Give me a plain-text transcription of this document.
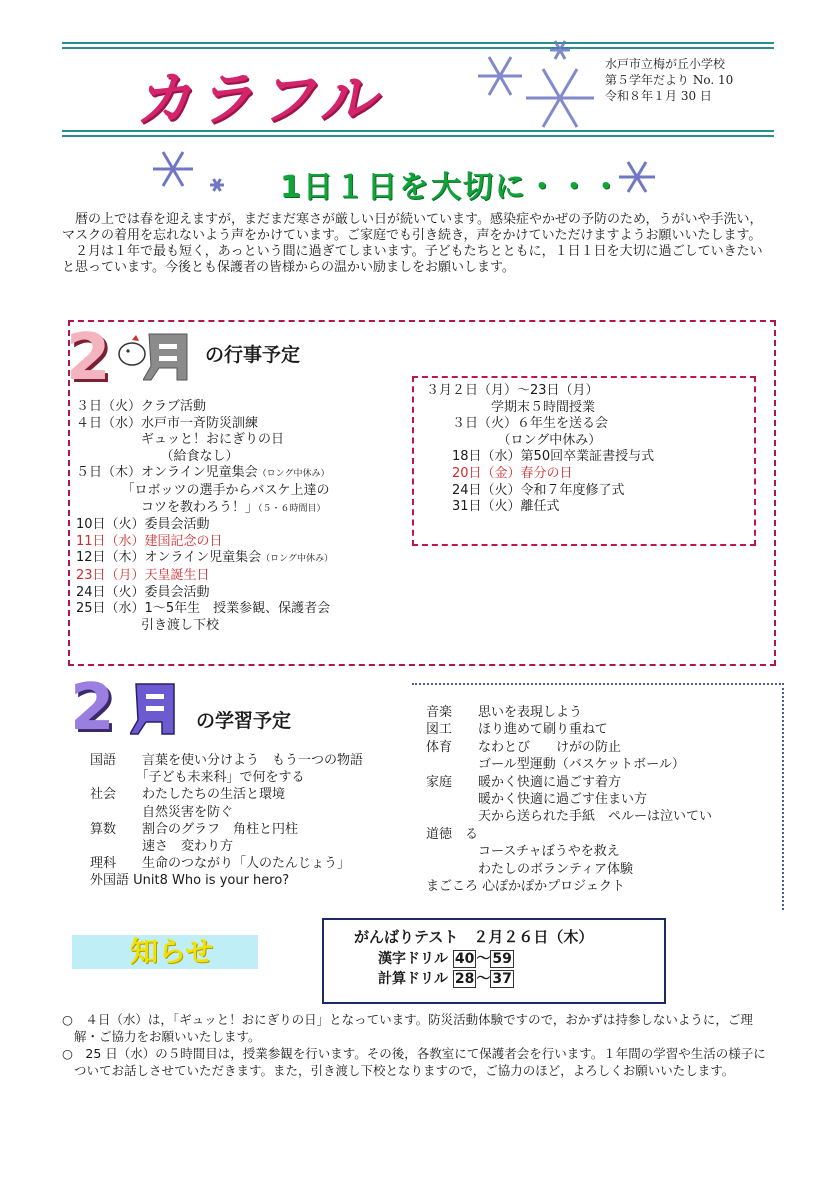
カラフル
水戸市立梅が丘小学校
第５学年だより No. 10
令和８年１月 30 日
1日１日を大切に・・・

暦の上では春を迎えますが，まだまだ寒さが厳しい日が続いています。感染症やかぜの予防のため，うがいや手洗い，マスクの着用を忘れないよう声をかけています。ご家庭でも引き続き，声をかけていただけますようお願いいたします。

２月は１年で最も短く，あっという間に過ぎてしまいます。子どもたちとともに，１日１日を大切に過ごしていきたいと思っています。今後とも保護者の皆様からの温かい励ましをお願いします。

2	の行事予定
３日（火）クラブ活動
４日（水）水戸市一斉防災訓練
　　　　　ギュッと！おにぎりの日
　　　　　　　（給食なし）
５日（木）オンライン児童集会（ロング中休み）
　　　　「ロボッツの選手からバスケ上達の
　　　　　コツを教わろう！」（５・６時間目）
10日（火）委員会活動
11日（水）建国記念の日
12日（木）オンライン児童集会（ロング中休み）
23日（月）天皇誕生日
24日（火）委員会活動
25日（水）1～5年生　授業参観、保護者会
　　　　　引き渡し下校
３月２日（月）～23日（月）
　　　　　学期末５時間授業
　　３日（火）６年生を送る会
　　　　　　（ロング中休み）
　　18日（水）第50回卒業証書授与式
　　20日（金）春分の日
　　24日（火）令和７年度修了式
　　31日（火）離任式
2	の学習予定
国語　　言葉を使い分けよう　もう一つの物語
　　　　「子ども未来科」で何をする
社会　　わたしたちの生活と環境
　　　　自然災害を防ぐ
算数　　割合のグラフ　角柱と円柱
　　　　速さ　変わり方
理科　　生命のつながり「人のたんじょう」
外国語 Unit8 Who is your hero?
音楽　　思いを表現しよう
図工　　ほり進めて刷り重ねて
体育　　なわとび　　けがの防止
　　　　ゴール型運動（バスケットボール）
家庭　　暖かく快適に過ごす着方
　　　　暖かく快適に過ごす住まい方
　　　　天から送られた手紙　ペルーは泣いてい
道徳　る
　　　　コースチャぼうやを救え
　　　　わたしのボランティア体験
まごころ 心ぽかぽかプロジェクト
知らせ	がんばりテスト　２月２６日（木）
漢字ドリル 40 ～ 59
計算ドリル 28 ～ 37

○　４日（水）は，「ギュッと！おにぎりの日」となっています。防災活動体験ですので，おかずは持参しないように，ご理解・ご協力をお願いいたします。

○　25 日（水）の５時間目は，授業参観を行います。その後，各教室にて保護者会を行います。１年間の学習や生活の様子についてお話しさせていただきます。また，引き渡し下校となりますので，ご協力のほど，よろしくお願いいたします。
